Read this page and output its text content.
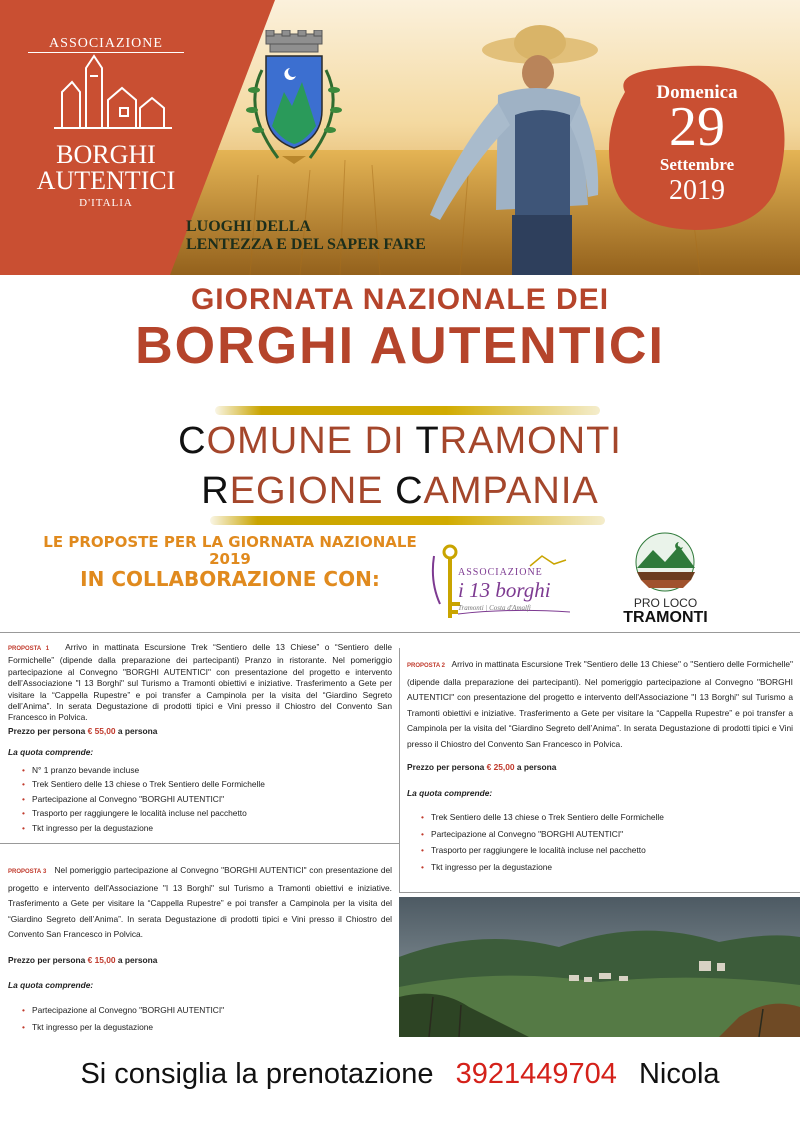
ASSOCIAZIONE
BORGHI
AUTENTICI
D'ITALIA
LUOGHI DELLA
LENTEZZA E DEL SAPER FARE
Domenica
29
Settembre
2019
GIORNATA NAZIONALE DEI
BORGHI AUTENTICI
COMUNE DI TRAMONTI
REGIONE CAMPANIA
LE PROPOSTE PER LA GIORNATA NAZIONALE
2019
IN COLLABORAZIONE CON:	ASSOCIAZIONE
i 13 borghi
Tramonti | Costa d'Amalfi	PRO LOCO
TRAMONTI
PROPOSTA 1 Arrivo in mattinata Escursione Trek “Sentiero delle 13 Chiese” o “Sentiero delle Formichelle” (dipende dalla preparazione dei partecipanti) Pranzo in ristorante. Nel pomeriggio partecipazione al Convegno "BORGHI AUTENTICI" con presentazione del progetto e intervento dell’Associazione "I 13 Borghi" sul Turismo a Tramonti obiettivi e iniziative. Trasferimento a Gete per visitare la “Cappella Rupestre” e poi transfer a Campinola per la visita del “Giardino Segreto dell’Anima”. In serata Degustazione di prodotti tipici e Vini presso il Chiostro del Convento San Francesco in Polvica.
Prezzo per persona € 55,00 a persona
La quota comprende:
• N° 1 pranzo bevande incluse
• Trek Sentiero delle 13 chiese o Trek Sentiero delle Formichelle
• Partecipazione al Convegno "BORGHI AUTENTICI"
• Trasporto per raggiungere le località incluse nel pacchetto
• Tkt ingresso per la degustazione
PROPOSTA 2 Arrivo in mattinata Escursione Trek "Sentiero delle 13 Chiese" o "Sentiero delle Formichelle" (dipende dalla preparazione dei partecipanti). Nel pomeriggio partecipazione al Convegno "BORGHI AUTENTICI" con presentazione del progetto e intervento dell'Associazione "I 13 Borghi" sul Turismo a Tramonti obiettivi e iniziative. Trasferimento a Gete per visitare la “Cappella Rupestre” e poi transfer a Campinola per la visita del “Giardino Segreto dell’Anima”. In serata Degustazione di prodotti tipici e Vini presso il Chiostro del Convento San Francesco in Polvica.
Prezzo per persona € 25,00 a persona
La quota comprende:
• Trek Sentiero delle 13 chiese o Trek Sentiero delle Formichelle
• Partecipazione al Convegno "BORGHI AUTENTICI"
• Trasporto per raggiungere le località incluse nel pacchetto
• Tkt ingresso per la degustazione
PROPOSTA 3 Nel pomeriggio partecipazione al Convegno "BORGHI AUTENTICI" con presentazione del progetto e intervento dell'Associazione "I 13 Borghi" sul Turismo a Tramonti obiettivi e iniziative. Trasferimento a Gete per visitare la “Cappella Rupestre” e poi transfer a Campinola per la visita del “Giardino Segreto dell’Anima”. In serata Degustazione di prodotti tipici e Vini presso il Chiostro del Convento San Francesco in Polvica.
Prezzo per persona € 15,00 a persona
La quota comprende:
• Partecipazione al Convegno "BORGHI AUTENTICI"
• Tkt ingresso per la degustazione
Si consiglia la prenotazione 3921449704 Nicola
